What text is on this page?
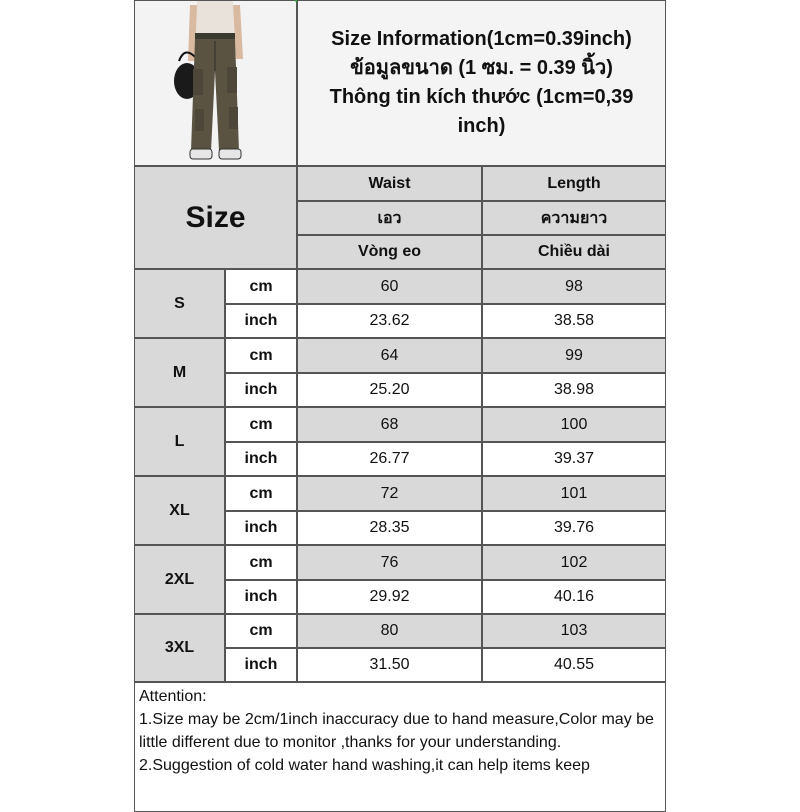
Size Information(1cm=0.39inch)
ข้อมูลขนาด (1 ซม. = 0.39 นิ้ว)
Thông tin kích thước (1cm=0,39
inch)
Size
Waist	Length
เอว	ความยาว
Vòng eo	Chiều dài
S
cm	60	98
inch	23.62	38.58
M
cm	64	99
inch	25.20	38.98
L
cm	68	100
inch	26.77	39.37
XL
cm	72	101
inch	28.35	39.76
2XL
cm	76	102
inch	29.92	40.16
3XL
cm	80	103
inch	31.50	40.55

Attention:

1.Size may be 2cm/1inch inaccuracy due to hand measure,Color may be little different due to monitor ,thanks for your understanding.

2.Suggestion of cold water hand washing,it can help items keep
